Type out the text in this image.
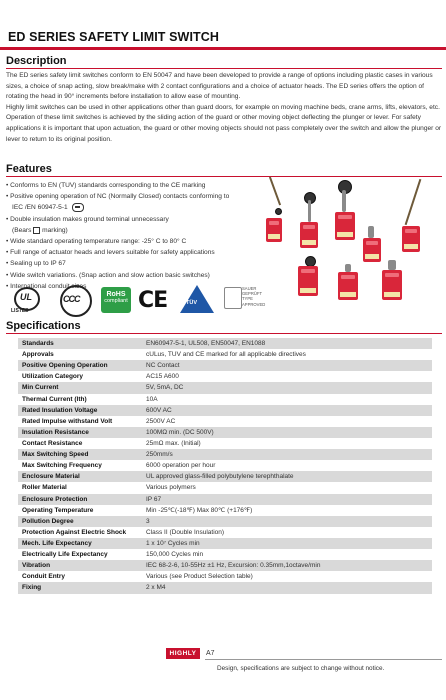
ED SERIES SAFETY LIMIT SWITCH
Description

The ED series safety limit switches conform to EN 50047 and have been developed to provide a range of options including plastic cases in various sizes, a choice of snap acting, slow break/make with 2 contact configurations and a choice of actuator heads. The ED series offers the option of rotating the head in 90° increments before installation to allow ease of mounting.

Highly limit switches can be used in other applications other than guard doors, for example on moving machine beds, crane arms, lifts, elevators, etc.

Operation of these limit switches is achieved by the sliding action of the guard or other moving object deflecting the plunger or lever. For safety applications it is important that upon actuation, the guard or other moving objects should not pass completely over the switch and allow the plunger or lever to return to its original position.

Features
• Conforms to EN (TUV) standards corresponding to the CE marking
• Positive opening operation of NC (Normally Closed) contacts conforming to
IEC /EN 60947-5-1
• Double insulation makes ground terminal unnecessary
(Bears marking)
• Wide standard operating temperature range: -25° C to 80° C
• Full range of actuator heads and levers suitable for safety applications
• Sealing up to IP 67
• Wide switch variations. (Snap action and slow action basic switches)
• International conduit sizes
UL
LISTED
CCC	RoHS
compliant CE	TÜV
SAUER
GEPRÜFT
TYPE
APPROVED
Specifications
Standards	EN60947-5-1, UL508, EN50047, EN1088
Approvals	cULus, TUV and CE marked for all applicable directives
Positive Opening Operation	NC Contact
Utilization Category	AC15 A600
Min Current	5V, 5mA, DC
Thermal Current (Ith)	10A
Rated Insulation Voltage	600V AC
Rated Impulse withstand Volt	2500V AC
Insulation Resistance	100MΩ min. (DC 500V)
Contact Resistance	25mΩ max. (Initial)
Max Switching Speed	250mm/s
Max Switching Frequency	6000 operation per hour
Enclosure Material	UL approved glass-filled polybutylene terephthalate
Roller Material	Various polymers
Enclosure Protection	IP 67
Operating Temperature	Min -25℃(-18℉) Max 80℃ (+176℉)
Pollution Degree	3
Protection Against Electric Shock	Class II (Double Insulation)
Mech. Life Expectancy	1 x 10⁷ Cycles min
Electrically Life Expectancy	150,000 Cycles min
Vibration	IEC 68-2-6, 10-55Hz ±1 Hz, Excursion: 0.35mm,1octave/min
Conduit Entry	Various (see Product Selection table)
Fixing	2 x M4
HIGHLY	A7
Design, specifications are subject to change without notice.
